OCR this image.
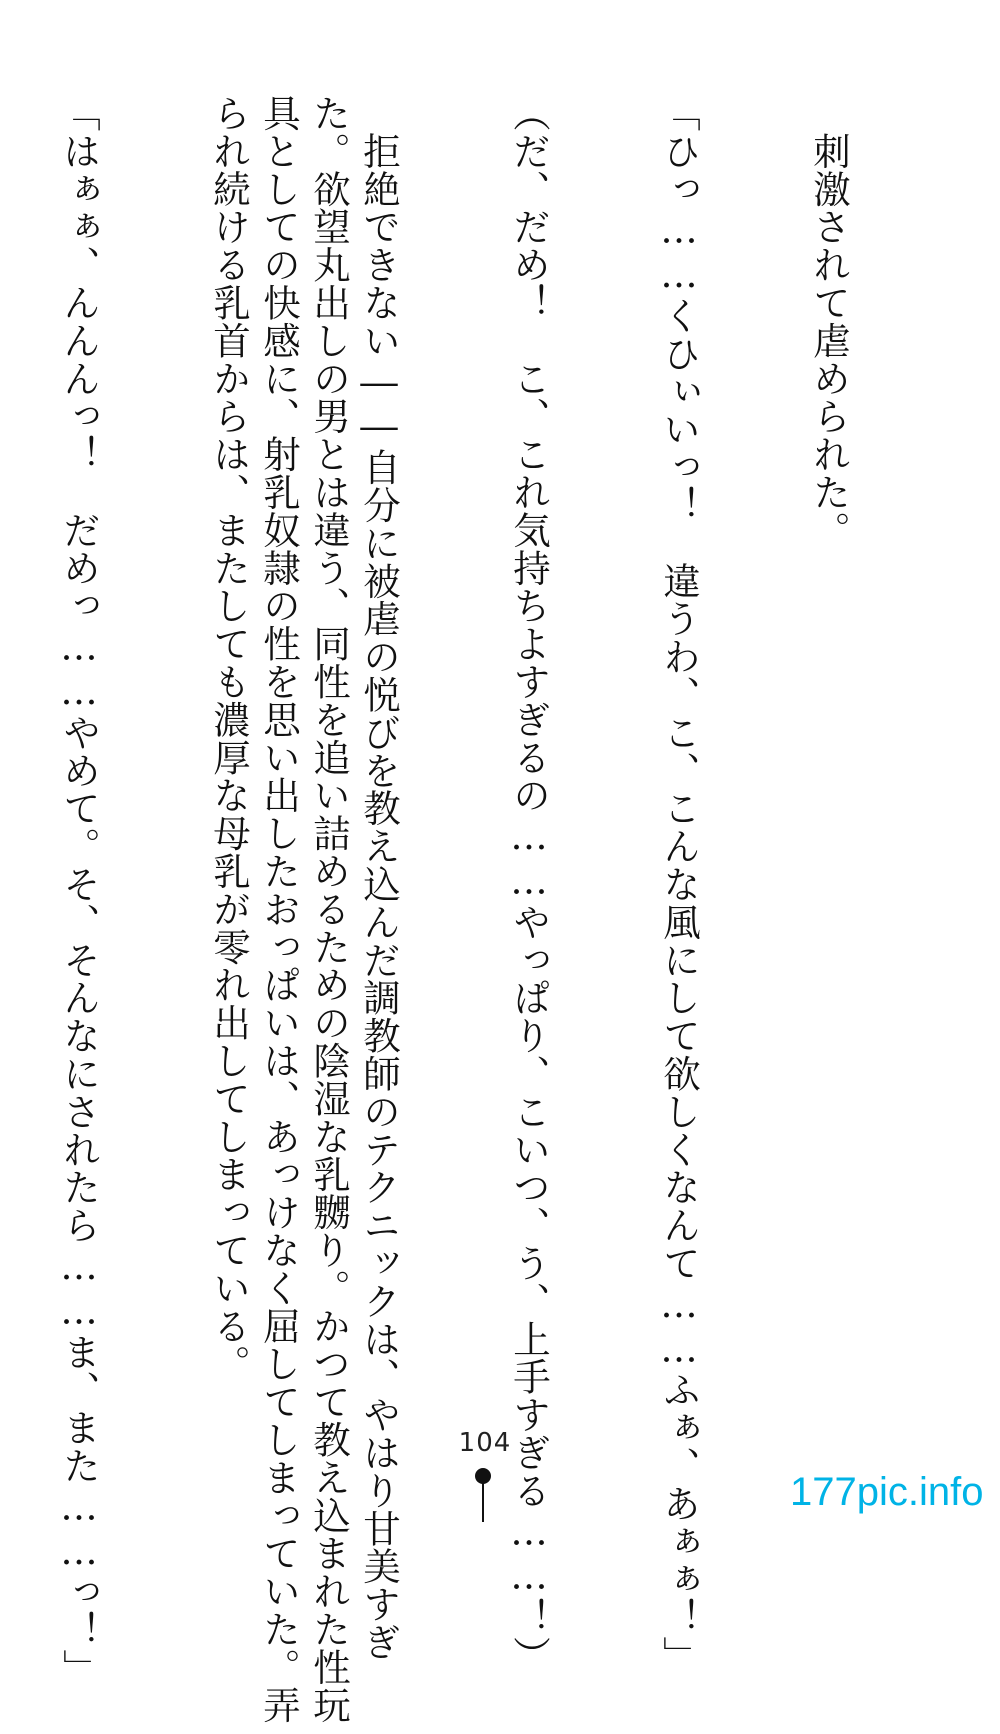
　刺激されて虐められた。

「ひっ……くひぃいっ！　違うわ、こ、こんな風にして欲しくなんて……ふぁ、あぁぁ！」

（だ、だめ！　こ、これ気持ちよすぎるの……やっぱり、こいつ、う、上手すぎる……！）

　拒絶できない――自分に被虐の悦びを教え込んだ調教師のテクニックは、やはり甘美すぎた。欲望丸出しの男とは違う、同性を追い詰めるための陰湿な乳嬲り。かつて教え込まれた性玩具としての快感に、射乳奴隷の性を思い出したおっぱいは、あっけなく屈してしまっていた。弄られ続ける乳首からは、またしても濃厚な母乳が零れ出してしまっている。

「はぁぁ、んんんっ！　だめっ……やめて。そ、そんなにされたら……ま、また……っ！」

	104
177pic.info
